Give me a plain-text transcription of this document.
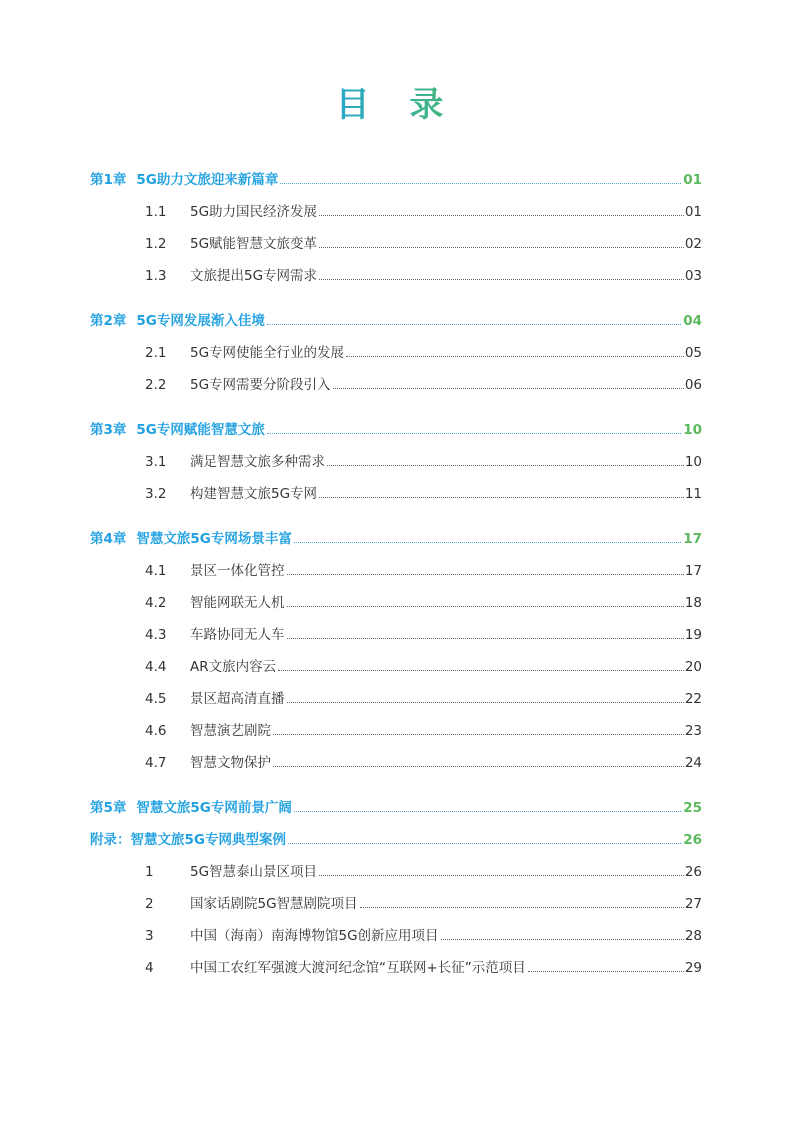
目 录
第1章 5G助力文旅迎来新篇章	01
1.1	5G助力国民经济发展	01
1.2	5G赋能智慧文旅变革	02
1.3	文旅提出5G专网需求	03
第2章 5G专网发展渐入佳境	04
2.1	5G专网使能全行业的发展	05
2.2	5G专网需要分阶段引入	06
第3章 5G专网赋能智慧文旅	10
3.1	满足智慧文旅多种需求	10
3.2	构建智慧文旅5G专网	11
第4章 智慧文旅5G专网场景丰富	17
4.1	景区一体化管控	17
4.2	智能网联无人机	18
4.3	车路协同无人车	19
4.4	AR文旅内容云	20
4.5	景区超高清直播	22
4.6	智慧演艺剧院	23
4.7	智慧文物保护	24
第5章 智慧文旅5G专网前景广阔	25
附录： 智慧文旅5G专网典型案例	26
1	5G智慧泰山景区项目	26
2	国家话剧院5G智慧剧院项目	27
3	中国（海南）南海博物馆5G创新应用项目	28
4	中国工农红军强渡大渡河纪念馆“互联网+长征”示范项目	29
